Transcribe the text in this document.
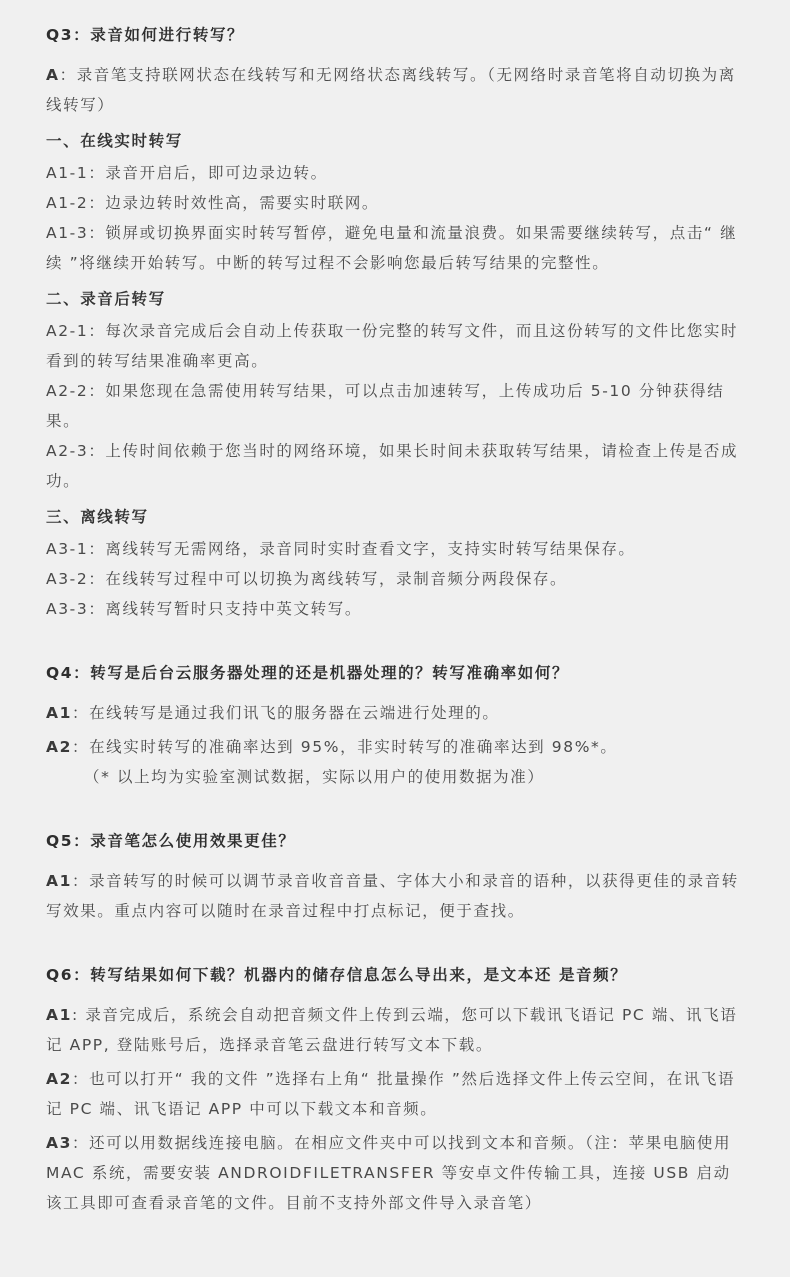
Q3：录音如何进行转写？
A：录音笔支持联网状态在线转写和无网络状态离线转写。（无网络时录音笔将自动切换为离线转写）
一、在线实时转写
A1-1：录音开启后，即可边录边转。
A1-2：边录边转时效性高，需要实时联网。
A1-3：锁屏或切换界面实时转写暂停，避免电量和流量浪费。如果需要继续转写，点击“ 继续 ”将继续开始转写。中断的转写过程不会影响您最后转写结果的完整性。
二、录音后转写
A2-1：每次录音完成后会自动上传获取一份完整的转写文件，而且这份转写的文件比您实时看到的转写结果准确率更高。
A2-2：如果您现在急需使用转写结果，可以点击加速转写，上传成功后 5-10 分钟获得结果。
A2-3：上传时间依赖于您当时的网络环境，如果长时间未获取转写结果，请检查上传是否成功。
三、离线转写
A3-1：离线转写无需网络，录音同时实时查看文字，支持实时转写结果保存。
A3-2：在线转写过程中可以切换为离线转写，录制音频分两段保存。
A3-3：离线转写暂时只支持中英文转写。
Q4：转写是后台云服务器处理的还是机器处理的？转写准确率如何？
A1：在线转写是通过我们讯飞的服务器在云端进行处理的。
A2：在线实时转写的准确率达到 95%，非实时转写的准确率达到 98%*。
（* 以上均为实验室测试数据，实际以用户的使用数据为准）
Q5：录音笔怎么使用效果更佳？
A1：录音转写的时候可以调节录音收音音量、字体大小和录音的语种，以获得更佳的录音转写效果。重点内容可以随时在录音过程中打点标记，便于查找。
Q6：转写结果如何下载？机器内的储存信息怎么导出来，是文本还 是音频？
A1: 录音完成后，系统会自动把音频文件上传到云端，您可以下载讯飞语记 PC 端、讯飞语记 APP, 登陆账号后，选择录音笔云盘进行转写文本下载。
A2：也可以打开“ 我的文件 ”选择右上角“ 批量操作 ”然后选择文件上传云空间，在讯飞语记 PC 端、讯飞语记 APP 中可以下载文本和音频。
A3：还可以用数据线连接电脑。在相应文件夹中可以找到文本和音频。（注：苹果电脑使用 MAC 系统，需要安装 ANDROIDFILETRANSFER 等安卓文件传输工具，连接 USB 启动该工具即可查看录音笔的文件。目前不支持外部文件导入录音笔）
